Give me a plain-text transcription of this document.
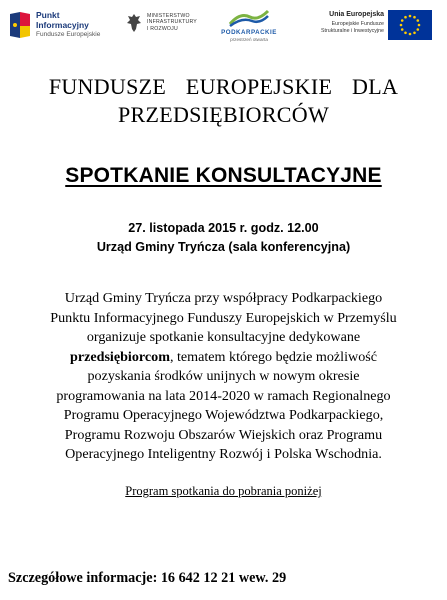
Punkt
Informacyjny
Fundusze Europejskie
MINISTERSTWO
INFRASTRUKTURY
I ROZWOJU
PODKARPACKIE
przestrzeń otwarta
Unia Europejska
Europejskie Fundusze
Strukturalne i Inwestycyjne
FUNDUSZE EUROPEJSKIE DLA
PRZEDSIĘBIORCÓW
SPOTKANIE KONSULTACYJNE
27. listopada 2015 r. godz. 12.00
Urząd Gminy Tryńcza (sala konferencyjna)
Urząd Gminy Tryńcza przy współpracy Podkarpackiego
Punktu Informacyjnego Funduszy Europejskich w Przemyślu
organizuje spotkanie konsultacyjne dedykowane
przedsiębiorcom, tematem którego będzie możliwość
pozyskania środków unijnych w nowym okresie
programowania na lata 2014-2020 w ramach Regionalnego
Programu Operacyjnego Województwa Podkarpackiego,
Programu Rozwoju Obszarów Wiejskich oraz Programu
Operacyjnego Inteligentny Rozwój i Polska Wschodnia.
Program spotkania do pobrania poniżej
Szczegółowe informacje: 16 642 12 21 wew. 29
